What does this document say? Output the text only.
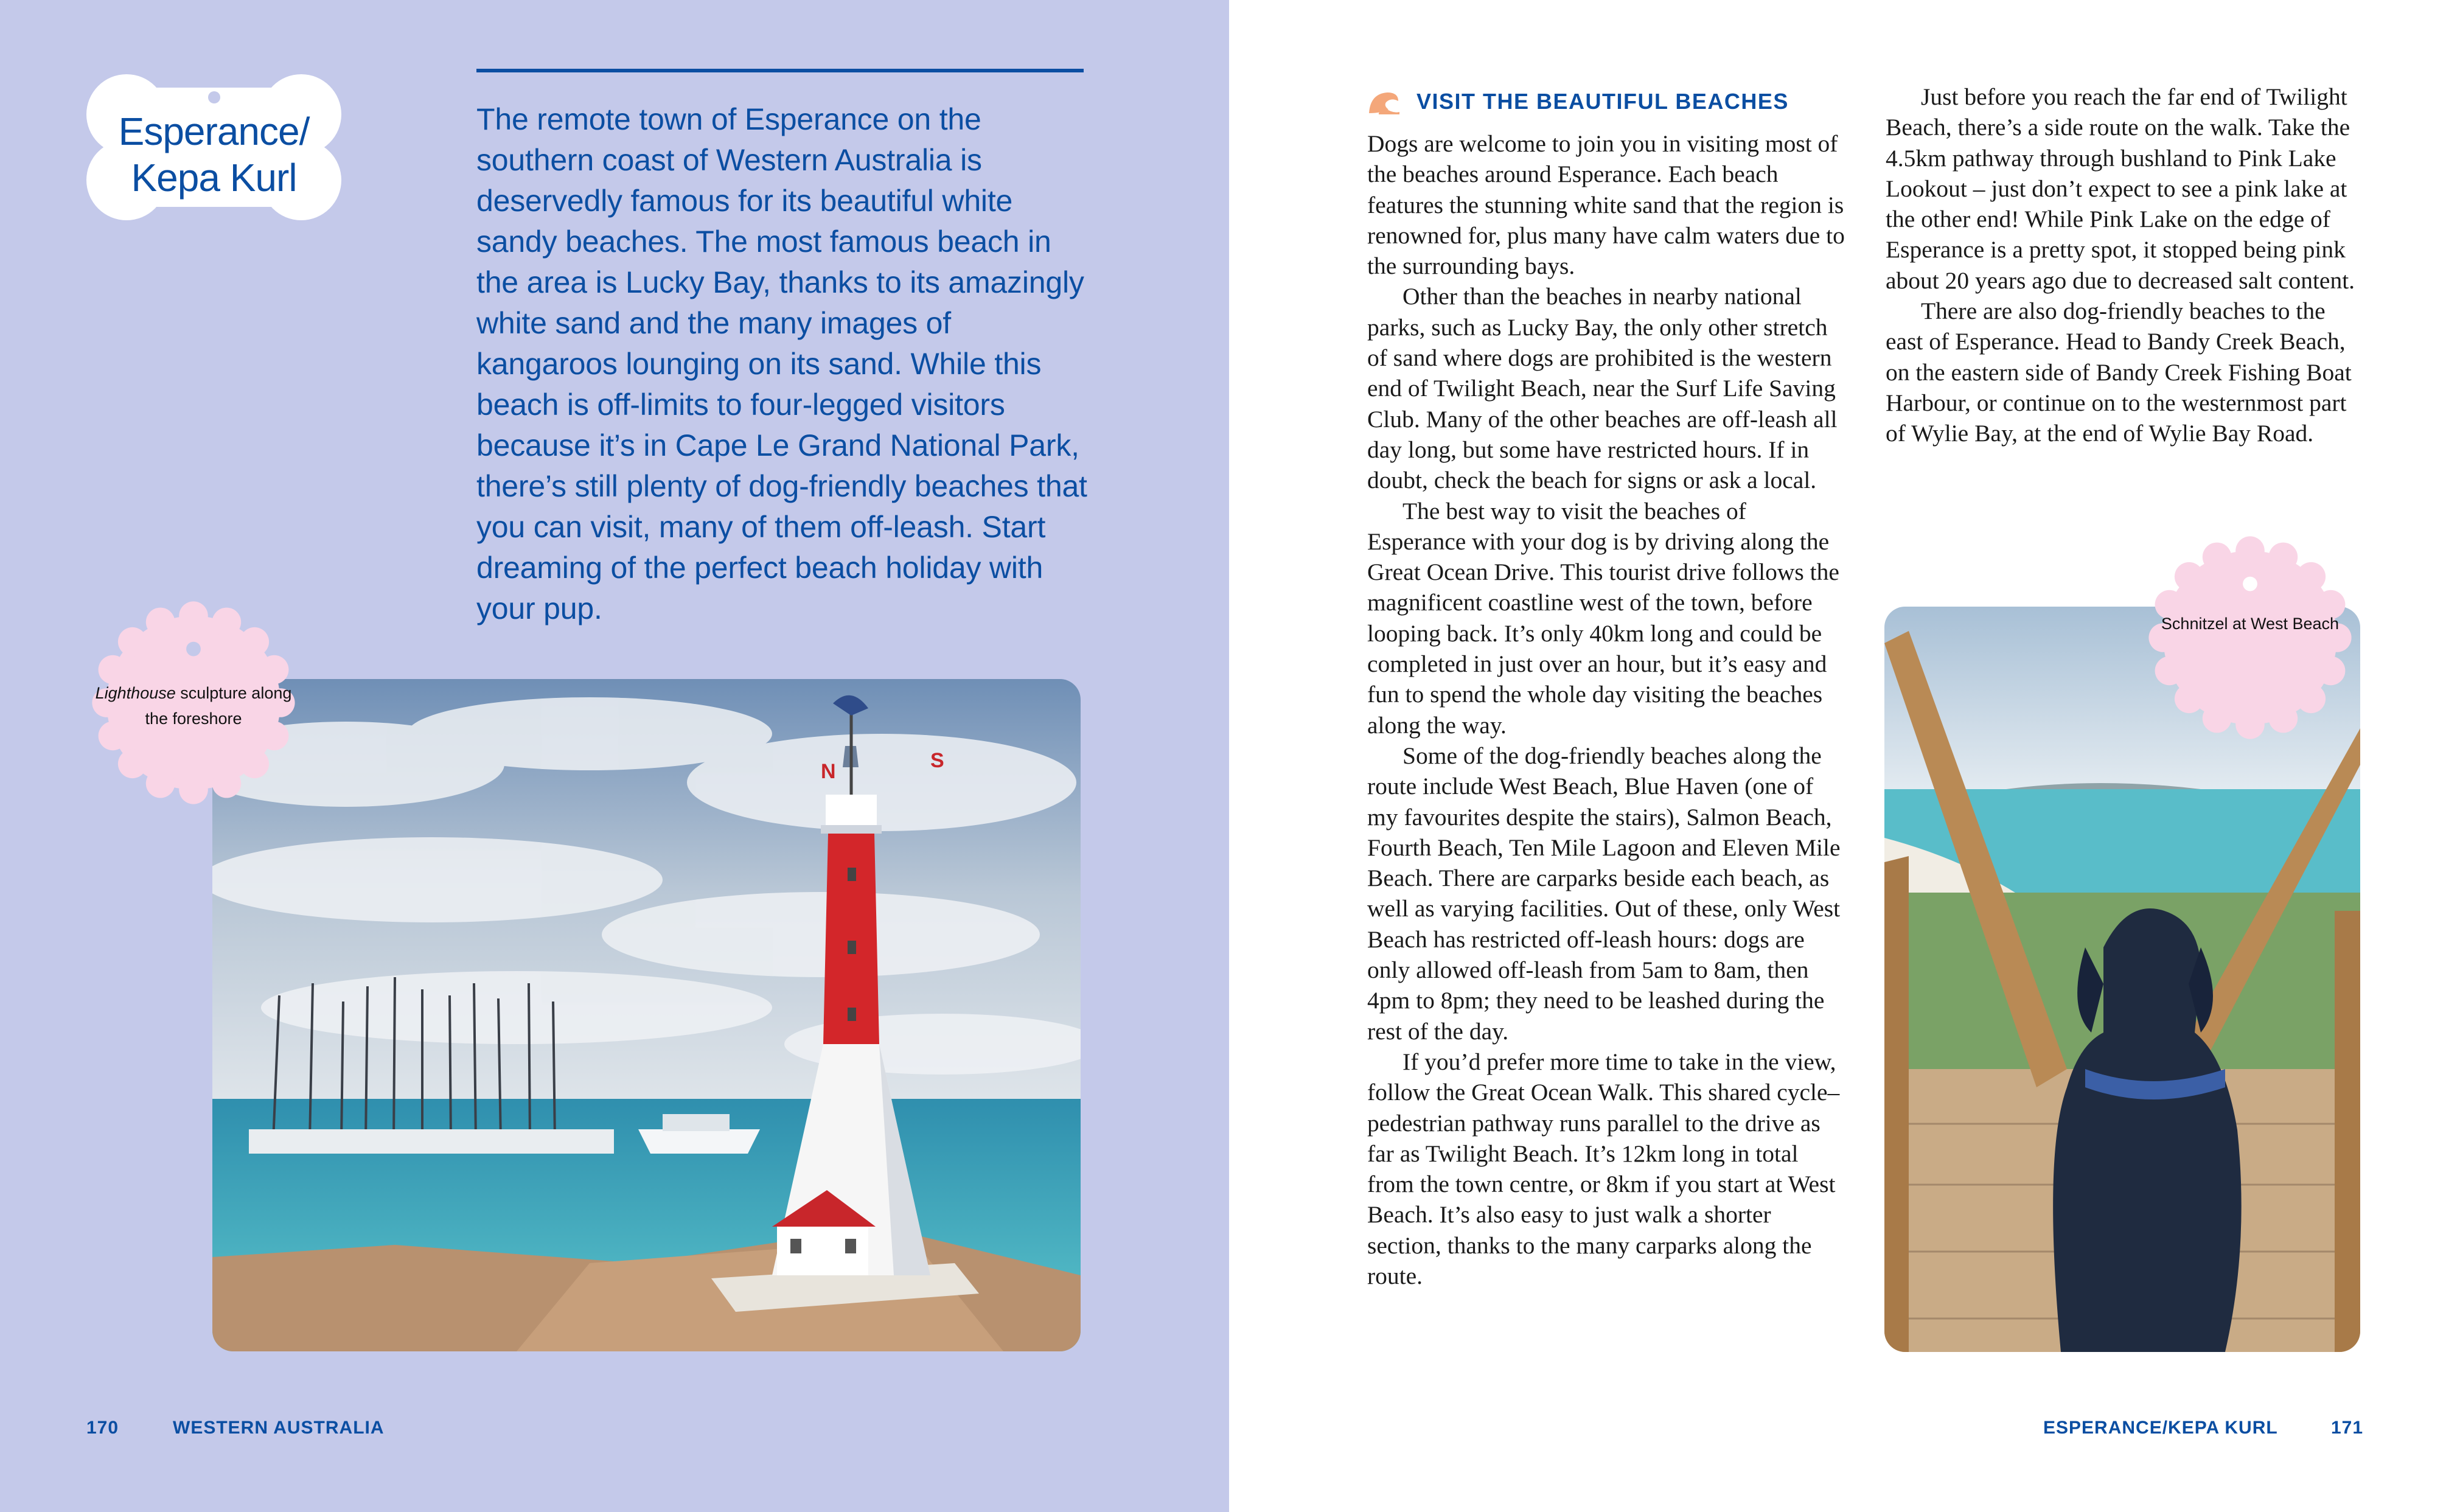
Esperance/ Kepa Kurl

The remote town of Esperance on the southern coast of Western Australia is deservedly famous for its beautiful white sandy beaches. The most famous beach in the area is Lucky Bay, thanks to its amazingly white sand and the many images of kangaroos lounging on its sand. While this beach is off-limits to four-legged visitors because it’s in Cape Le Grand National Park, there’s still plenty of dog-friendly beaches that you can visit, many of them off-leash. Start dreaming of the perfect beach holiday with your pup.

N	S
Lighthouse sculpture along the foreshore
Schnitzel at West Beach
VISIT THE BEAUTIFUL BEACHES

Dogs are welcome to join you in visiting most of the beaches around Esperance. Each beach features the stunning white sand that the region is renowned for, plus many have calm waters due to the surrounding bays.

Other than the beaches in nearby national parks, such as Lucky Bay, the only other stretch of sand where dogs are prohibited is the western end of Twilight Beach, near the Surf Life Saving Club. Many of the other beaches are off-leash all day long, but some have restricted hours. If in doubt, check the beach for signs or ask a local.

The best way to visit the beaches of Esperance with your dog is by driving along the Great Ocean Drive. This tourist drive follows the magnificent coastline west of the town, before looping back. It’s only 40km long and could be completed in just over an hour, but it’s easy and fun to spend the whole day visiting the beaches along the way.

Some of the dog-friendly beaches along the route include West Beach, Blue Haven (one of my favourites despite the stairs), Salmon Beach, Fourth Beach, Ten Mile Lagoon and Eleven Mile Beach. There are carparks beside each beach, as well as varying facilities. Out of these, only West Beach has restricted off-leash hours: dogs are only allowed off-leash from 5am to 8am, then 4pm to 8pm; they need to be leashed during the rest of the day.

If you’d prefer more time to take in the view, follow the Great Ocean Walk. This shared cycle–pedestrian pathway runs parallel to the drive as far as Twilight Beach. It’s 12km long in total from the town centre, or 8km if you start at West Beach. It’s also easy to just walk a shorter section, thanks to the many carparks along the route.

Just before you reach the far end of Twilight Beach, there’s a side route on the walk. Take the 4.5km pathway through bushland to Pink Lake Lookout – just don’t expect to see a pink lake at the other end! While Pink Lake on the edge of Esperance is a pretty spot, it stopped being pink about 20 years ago due to decreased salt content.

There are also dog-friendly beaches to the east of Esperance. Head to Bandy Creek Beach, on the eastern side of Bandy Creek Fishing Boat Harbour, or continue on to the westernmost part of Wylie Bay, at the end of Wylie Bay Road.

170	WESTERN AUSTRALIA	ESPERANCE/KEPA KURL	171
